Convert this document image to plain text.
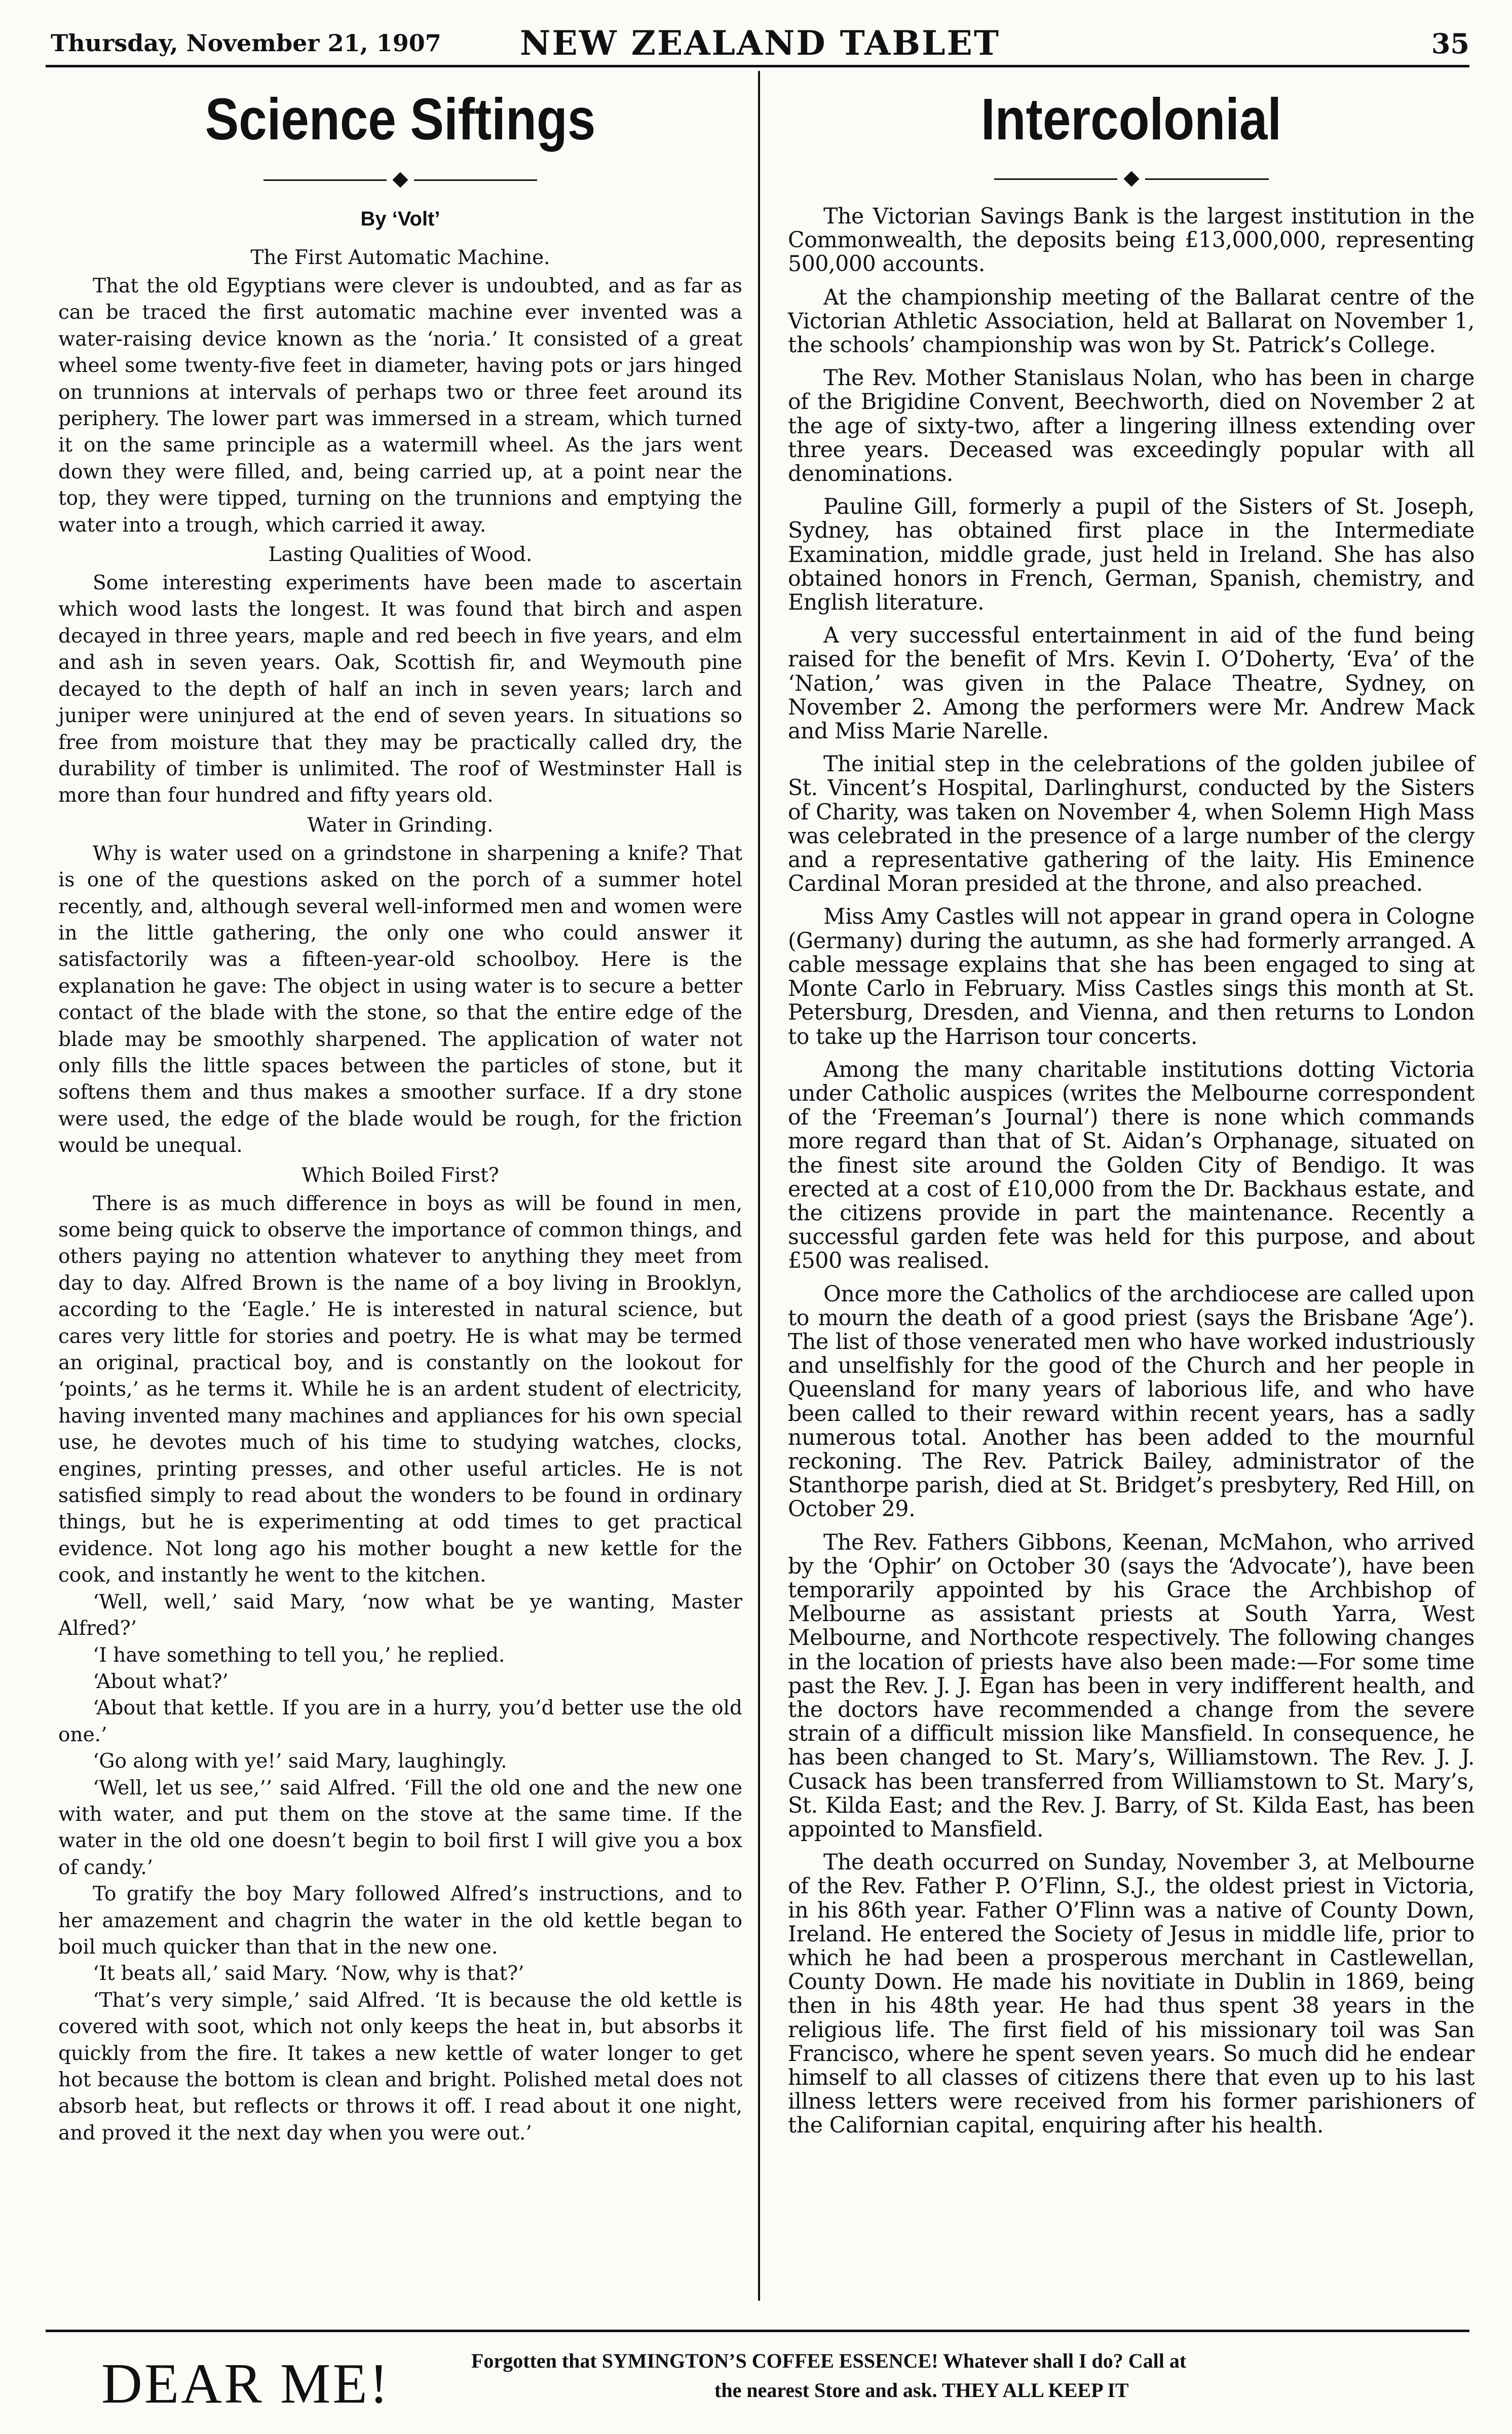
Thursday, November 21, 1907	NEW ZEALAND TABLET	35
Science Siftings
By ‘Volt’
The First Automatic Machine.

That the old Egyptians were clever is undoubted, and as far as can be traced the first automatic machine ever invented was a water-raising device known as the ‘noria.’ It consisted of a great wheel some twenty-five feet in diameter, having pots or jars hinged on trunnions at intervals of perhaps two or three feet around its periphery. The lower part was immersed in a stream, which turned it on the same principle as a watermill wheel. As the jars went down they were filled, and, being carried up, at a point near the top, they were tipped, turning on the trunnions and emptying the water into a trough, which carried it away.

Lasting Qualities of Wood.

Some interesting experiments have been made to ascertain which wood lasts the longest. It was found that birch and aspen decayed in three years, maple and red beech in five years, and elm and ash in seven years. Oak, Scottish fir, and Weymouth pine decayed to the depth of half an inch in seven years; larch and juniper were uninjured at the end of seven years. In situations so free from moisture that they may be practically called dry, the durability of timber is unlimited. The roof of Westminster Hall is more than four hundred and fifty years old.

Water in Grinding.

Why is water used on a grindstone in sharpening a knife? That is one of the questions asked on the porch of a summer hotel recently, and, although several well-informed men and women were in the little gathering, the only one who could answer it satisfactorily was a fifteen-year-old schoolboy. Here is the explanation he gave: The object in using water is to secure a better contact of the blade with the stone, so that the entire edge of the blade may be smoothly sharpened. The application of water not only fills the little spaces between the particles of stone, but it softens them and thus makes a smoother surface. If a dry stone were used, the edge of the blade would be rough, for the friction would be unequal.

Which Boiled First?

There is as much difference in boys as will be found in men, some being quick to observe the importance of common things, and others paying no attention whatever to anything they meet from day to day. Alfred Brown is the name of a boy living in Brooklyn, according to the ‘Eagle.’ He is interested in natural science, but cares very little for stories and poetry. He is what may be termed an original, practical boy, and is constantly on the lookout for ‘points,’ as he terms it. While he is an ardent student of electricity, having invented many machines and appliances for his own special use, he devotes much of his time to studying watches, clocks, engines, printing presses, and other useful articles. He is not satisfied simply to read about the wonders to be found in ordinary things, but he is experimenting at odd times to get practical evidence. Not long ago his mother bought a new kettle for the cook, and instantly he went to the kitchen.

‘Well, well,’ said Mary, ‘now what be ye wanting, Master Alfred?’

‘I have something to tell you,’ he replied.

‘About what?’

‘About that kettle. If you are in a hurry, you’d better use the old one.’

‘Go along with ye!’ said Mary, laughingly.

‘Well, let us see,’’ said Alfred. ‘Fill the old one and the new one with water, and put them on the stove at the same time. If the water in the old one doesn’t begin to boil first I will give you a box of candy.’

To gratify the boy Mary followed Alfred’s instructions, and to her amazement and chagrin the water in the old kettle began to boil much quicker than that in the new one.

‘It beats all,’ said Mary. ‘Now, why is that?’

‘That’s very simple,’ said Alfred. ‘It is because the old kettle is covered with soot, which not only keeps the heat in, but absorbs it quickly from the fire. It takes a new kettle of water longer to get hot because the bottom is clean and bright. Polished metal does not absorb heat, but reflects or throws it off. I read about it one night, and proved it the next day when you were out.’

Intercolonial

The Victorian Savings Bank is the largest institution in the Commonwealth, the deposits being £13,000,000, representing 500,000 accounts.

At the championship meeting of the Ballarat centre of the Victorian Athletic Association, held at Ballarat on November 1, the schools’ championship was won by St. Patrick’s College.

The Rev. Mother Stanislaus Nolan, who has been in charge of the Brigidine Convent, Beechworth, died on November 2 at the age of sixty-two, after a lingering illness extending over three years. Deceased was exceedingly popular with all denominations.

Pauline Gill, formerly a pupil of the Sisters of St. Joseph, Sydney, has obtained first place in the Intermediate Examination, middle grade, just held in Ireland. She has also obtained honors in French, German, Spanish, chemistry, and English literature.

A very successful entertainment in aid of the fund being raised for the benefit of Mrs. Kevin I. O’Doherty, ‘Eva’ of the ‘Nation,’ was given in the Palace Theatre, Sydney, on November 2. Among the performers were Mr. Andrew Mack and Miss Marie Narelle.

The initial step in the celebrations of the golden jubilee of St. Vincent’s Hospital, Darlinghurst, conducted by the Sisters of Charity, was taken on November 4, when Solemn High Mass was celebrated in the presence of a large number of the clergy and a representative gathering of the laity. His Eminence Cardinal Moran presided at the throne, and also preached.

Miss Amy Castles will not appear in grand opera in Cologne (Germany) during the autumn, as she had formerly arranged. A cable message explains that she has been engaged to sing at Monte Carlo in February. Miss Castles sings this month at St. Petersburg, Dresden, and Vienna, and then returns to London to take up the Harrison tour concerts.

Among the many charitable institutions dotting Victoria under Catholic auspices (writes the Melbourne correspondent of the ‘Freeman’s Journal’) there is none which commands more regard than that of St. Aidan’s Orphanage, situated on the finest site around the Golden City of Bendigo. It was erected at a cost of £10,000 from the Dr. Backhaus estate, and the citizens provide in part the maintenance. Recently a successful garden fete was held for this purpose, and about £500 was realised.

Once more the Catholics of the archdiocese are called upon to mourn the death of a good priest (says the Brisbane ‘Age’). The list of those venerated men who have worked industriously and unselfishly for the good of the Church and her people in Queensland for many years of laborious life, and who have been called to their reward within recent years, has a sadly numerous total. Another has been added to the mournful reckoning. The Rev. Patrick Bailey, administrator of the Stanthorpe parish, died at St. Bridget’s presbytery, Red Hill, on October 29.

The Rev. Fathers Gibbons, Keenan, McMahon, who arrived by the ‘Ophir’ on October 30 (says the ‘Advocate’), have been temporarily appointed by his Grace the Archbishop of Melbourne as assistant priests at South Yarra, West Melbourne, and Northcote respectively. The following changes in the location of priests have also been made:—For some time past the Rev. J. J. Egan has been in very indifferent health, and the doctors have recommended a change from the severe strain of a difficult mission like Mansfield. In consequence, he has been changed to St. Mary’s, Williamstown. The Rev. J. J. Cusack has been transferred from Williamstown to St. Mary’s, St. Kilda East; and the Rev. J. Barry, of St. Kilda East, has been appointed to Mansfield.

The death occurred on Sunday, November 3, at Melbourne of the Rev. Father P. O’Flinn, S.J., the oldest priest in Victoria, in his 86th year. Father O’Flinn was a native of County Down, Ireland. He entered the Society of Jesus in middle life, prior to which he had been a prosperous merchant in Castlewellan, County Down. He made his novitiate in Dublin in 1869, being then in his 48th year. He had thus spent 38 years in the religious life. The first field of his missionary toil was San Francisco, where he spent seven years. So much did he endear himself to all classes of citizens there that even up to his last illness letters were received from his former parishioners of the Californian capital, enquiring after his health.

DEAR ME!	Forgotten that SYMINGTON’S COFFEE ESSENCE! Whatever shall I do? Call at
the nearest Store and ask. THEY ALL KEEP IT
